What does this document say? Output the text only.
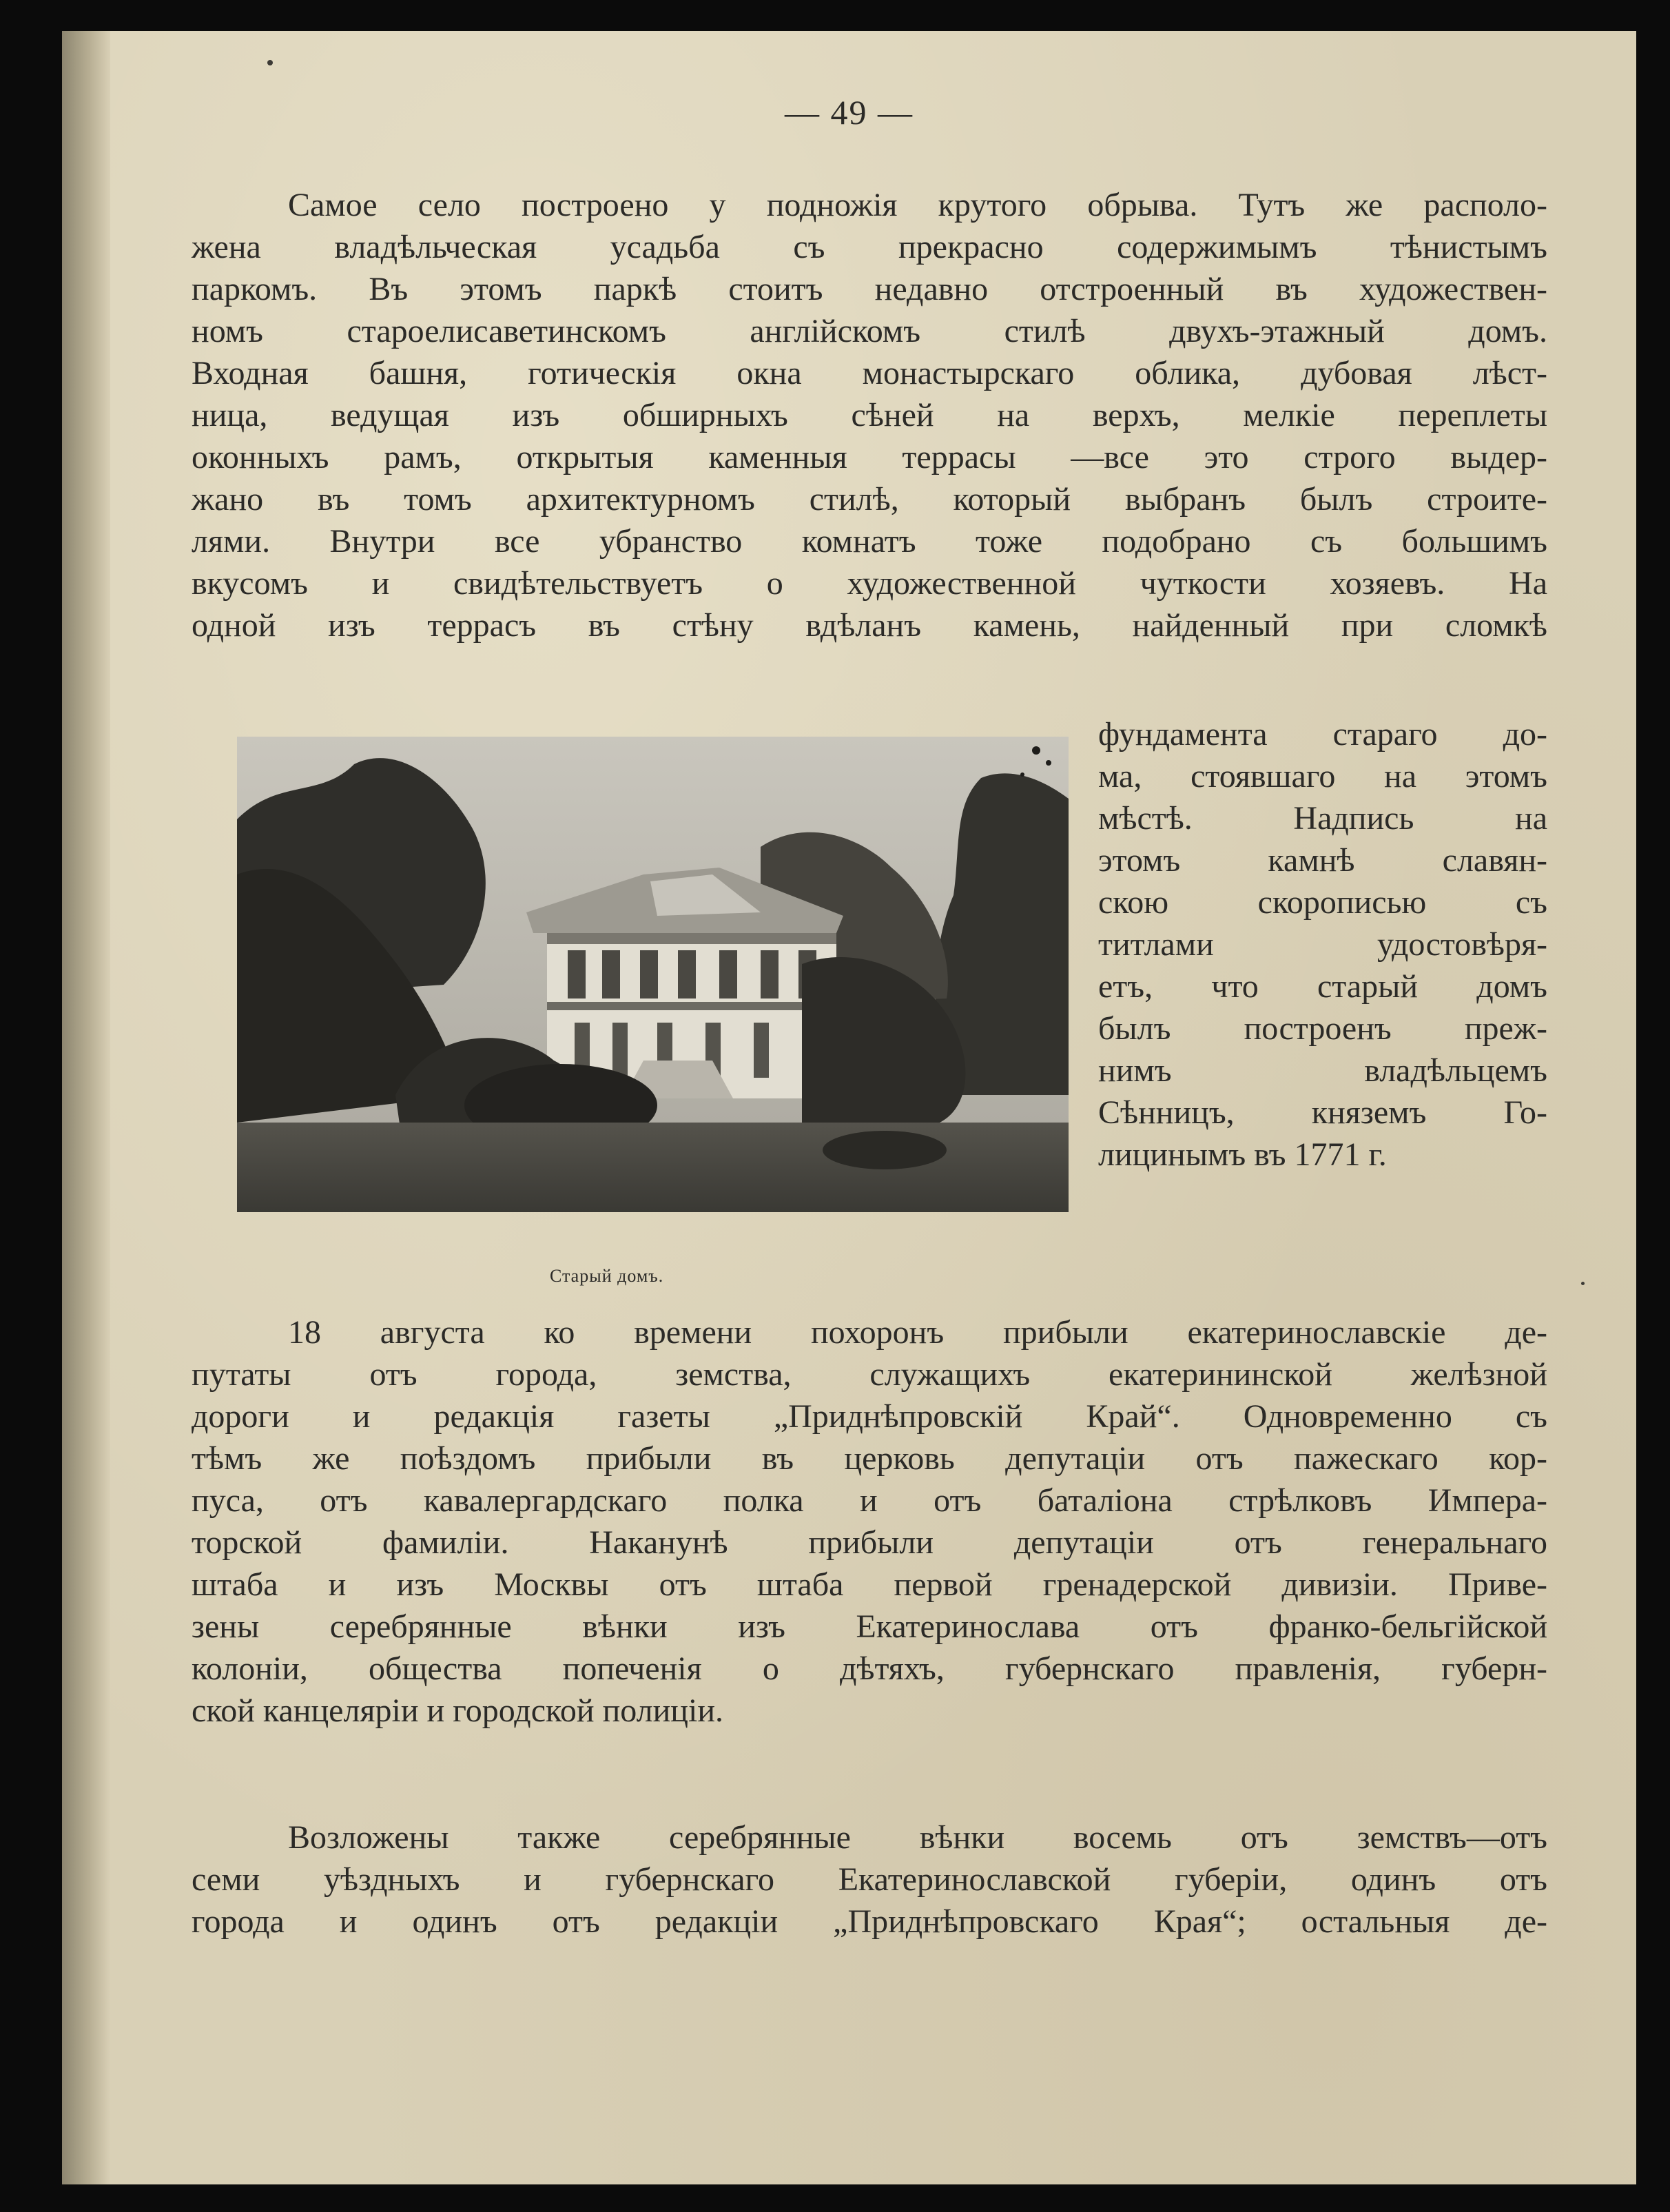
— 49 —
Самое село построено у подножія крутого обрыва. Тутъ же располо-
жена владѣльческая усадьба съ прекрасно содержимымъ тѣнистымъ
паркомъ. Въ этомъ паркѣ стоитъ недавно отстроенный въ художествен-
номъ староелисаветинскомъ англійскомъ стилѣ двухъ-этажный домъ.
Входная башня, готическія окна монастырскаго облика, дубовая лѣст-
ница, ведущая изъ обширныхъ сѣней на верхъ, мелкіе переплеты
оконныхъ рамъ, открытыя каменныя террасы —все это строго выдер-
жано въ томъ архитектурномъ стилѣ, который выбранъ былъ строите-
лями. Внутри все убранство комнатъ тоже подобрано съ большимъ
вкусомъ и свидѣтельствуетъ о художественной чуткости хозяевъ. На
одной изъ террасъ въ стѣну вдѣланъ камень, найденный при сломкѣ
фундамента стараго до-
ма, стоявшаго на этомъ
мѣстѣ. Надпись на
этомъ камнѣ славян-
скою скорописью съ
титлами удостовѣря-
етъ, что старый домъ
былъ построенъ преж-
нимъ владѣльцемъ
Сѣнницъ, княземъ Го-
лицинымъ въ 1771 г.
Старый домъ.
18 августа ко времени похоронъ прибыли екатеринославскіе де-
путаты отъ города, земства, служащихъ екатерининской желѣзной
дороги и редакція газеты „Приднѣпровскій Край“. Одновременно съ
тѣмъ же поѣздомъ прибыли въ церковь депутаціи отъ пажескаго кор-
пуса, отъ кавалергардскаго полка и отъ баталіона стрѣлковъ Импера-
торской фамиліи. Наканунѣ прибыли депутаціи отъ генеральнаго
штаба и изъ Москвы отъ штаба первой гренадерской дивизіи. Приве-
зены серебрянные вѣнки изъ Екатеринослава отъ франко-бельгійской
колоніи, общества попеченія о дѣтяхъ, губернскаго правленія, губерн-
ской канцеляріи и городской полиціи.
Возложены также серебрянные вѣнки восемь отъ земствъ—отъ
семи уѣздныхъ и губернскаго Екатеринославской губеріи, одинъ отъ
города и одинъ отъ редакціи „Приднѣпровскаго Края“; остальныя де-
